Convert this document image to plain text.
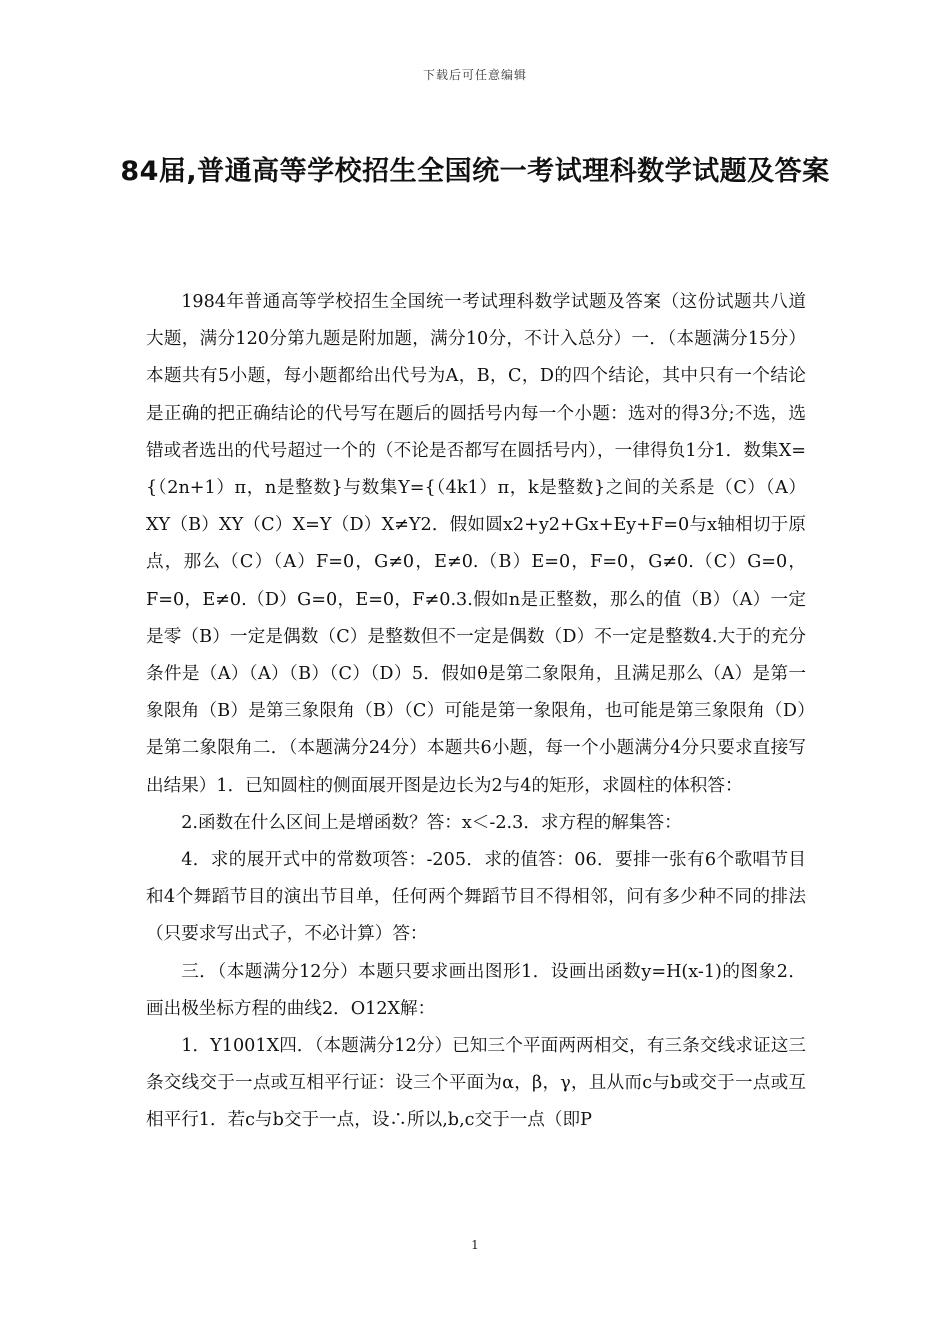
下载后可任意编辑
84届,普通高等学校招生全国统一考试理科数学试题及答案

1984年普通高等学校招生全国统一考试理科数学试题及答案（这份试题共八道大题，满分120分第九题是附加题，满分10分，不计入总分）一．（本题满分15分）本题共有5小题，每小题都给出代号为A，B，C，D的四个结论，其中只有一个结论是正确的把正确结论的代号写在题后的圆括号内每一个小题：选对的得3分;不选，选错或者选出的代号超过一个的（不论是否都写在圆括号内），一律得负1分1．数集X={（2n+1）π，n是整数}与数集Y={（4k1）π，k是整数}之间的关系是（C）（A）XY（B）XY（C）X=Y（D）X≠Y2．假如圆x2+y2+Gx+Ey+F=0与x轴相切于原点，那么（C）（A）F=0，G≠0，E≠0.（B）E=0，F=0，G≠0.（C）G=0，F=0，E≠0.（D）G=0，E=0，F≠0.3.假如n是正整数，那么的值（B）（A）一定是零（B）一定是偶数（C）是整数但不一定是偶数（D）不一定是整数4.大于的充分条件是（A）（A）（B）（C）（D）5．假如θ是第二象限角，且满足那么（A）是第一象限角（B）是第三象限角（B）（C）可能是第一象限角，也可能是第三象限角（D）是第二象限角二．（本题满分24分）本题共6小题，每一个小题满分4分只要求直接写出结果）1．已知圆柱的侧面展开图是边长为2与4的矩形，求圆柱的体积答：

2.函数在什么区间上是增函数？答：x＜-2.3．求方程的解集答：

4．求的展开式中的常数项答：-205．求的值答：06．要排一张有6个歌唱节目和4个舞蹈节目的演出节目单，任何两个舞蹈节目不得相邻，问有多少种不同的排法（只要求写出式子，不必计算）答：

三．（本题满分12分）本题只要求画出图形1．设画出函数y=H(x-1)的图象2．画出极坐标方程的曲线2．O12X解：

1．Y1001X四．（本题满分12分）已知三个平面两两相交，有三条交线求证这三条交线交于一点或互相平行证：设三个平面为α，β，γ，且从而c与b或交于一点或互相平行1．若c与b交于一点，设∴所以,b,c交于一点（即P

1
